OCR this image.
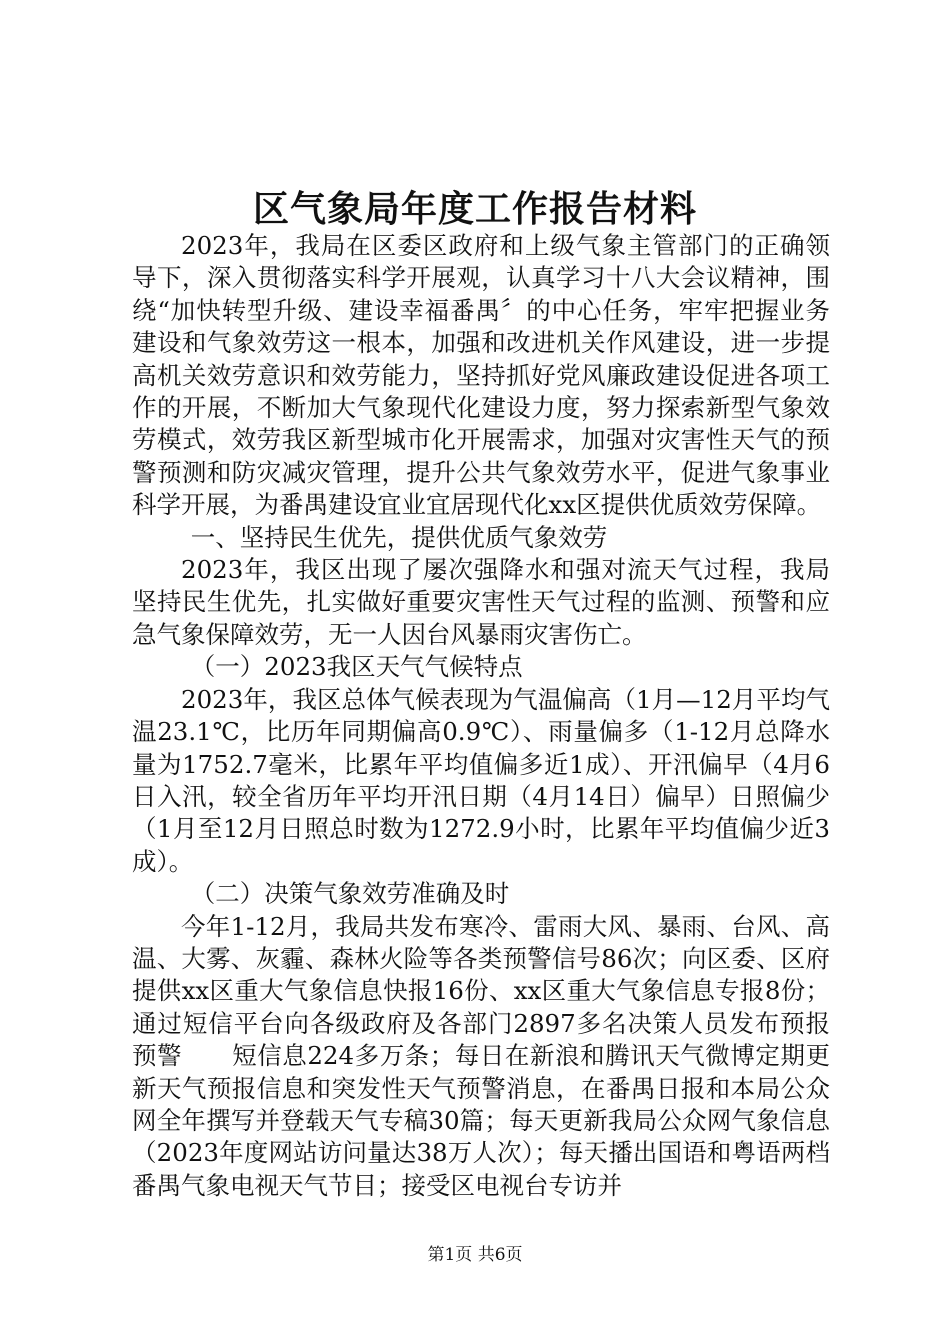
区气象局年度工作报告材料

2023年，我局在区委区政府和上级气象主管部门的正确领导下，深入贯彻落实科学开展观，认真学习十八大会议精神，围绕“加快转型升级、建设幸福番禺〞的中心任务，牢牢把握业务建设和气象效劳这一根本，加强和改进机关作风建设，进一步提高机关效劳意识和效劳能力，坚持抓好党风廉政建设促进各项工作的开展，不断加大气象现代化建设力度，努力探索新型气象效劳模式，效劳我区新型城市化开展需求，加强对灾害性天气的预警预测和防灾减灾管理，提升公共气象效劳水平，促进气象事业科学开展，为番禺建设宜业宜居现代化xx区提供优质效劳保障。

一、坚持民生优先，提供优质气象效劳

2023年，我区出现了屡次强降水和强对流天气过程，我局坚持民生优先，扎实做好重要灾害性天气过程的监测、预警和应急气象保障效劳，无一人因台风暴雨灾害伤亡。

（一）2023我区天气气候特点

2023年，我区总体气候表现为气温偏高（1月—12月平均气温23.1℃，比历年同期偏高0.9℃）、雨量偏多（1-12月总降水量为1752.7毫米，比累年平均值偏多近1成）、开汛偏早（4月6日入汛，较全省历年平均开汛日期（4月14日）偏早）日照偏少（1月至12月日照总时数为1272.9小时，比累年平均值偏少近3成）。

（二）决策气象效劳准确及时

今年1-12月，我局共发布寒冷、雷雨大风、暴雨、台风、高温、大雾、灰霾、森林火险等各类预警信号86次；向区委、区府提供xx区重大气象信息快报16份、xx区重大气象信息专报8份；通过短信平台向各级政府及各部门2897多名决策人员发布预报预警　　短信息224多万条；每日在新浪和腾讯天气微博定期更新天气预报信息和突发性天气预警消息，在番禺日报和本局公众网全年撰写并登载天气专稿30篇；每天更新我局公众网气象信息（2023年度网站访问量达38万人次）；每天播出国语和粤语两档番禺气象电视天气节目；接受区电视台专访并

第1页 共6页
